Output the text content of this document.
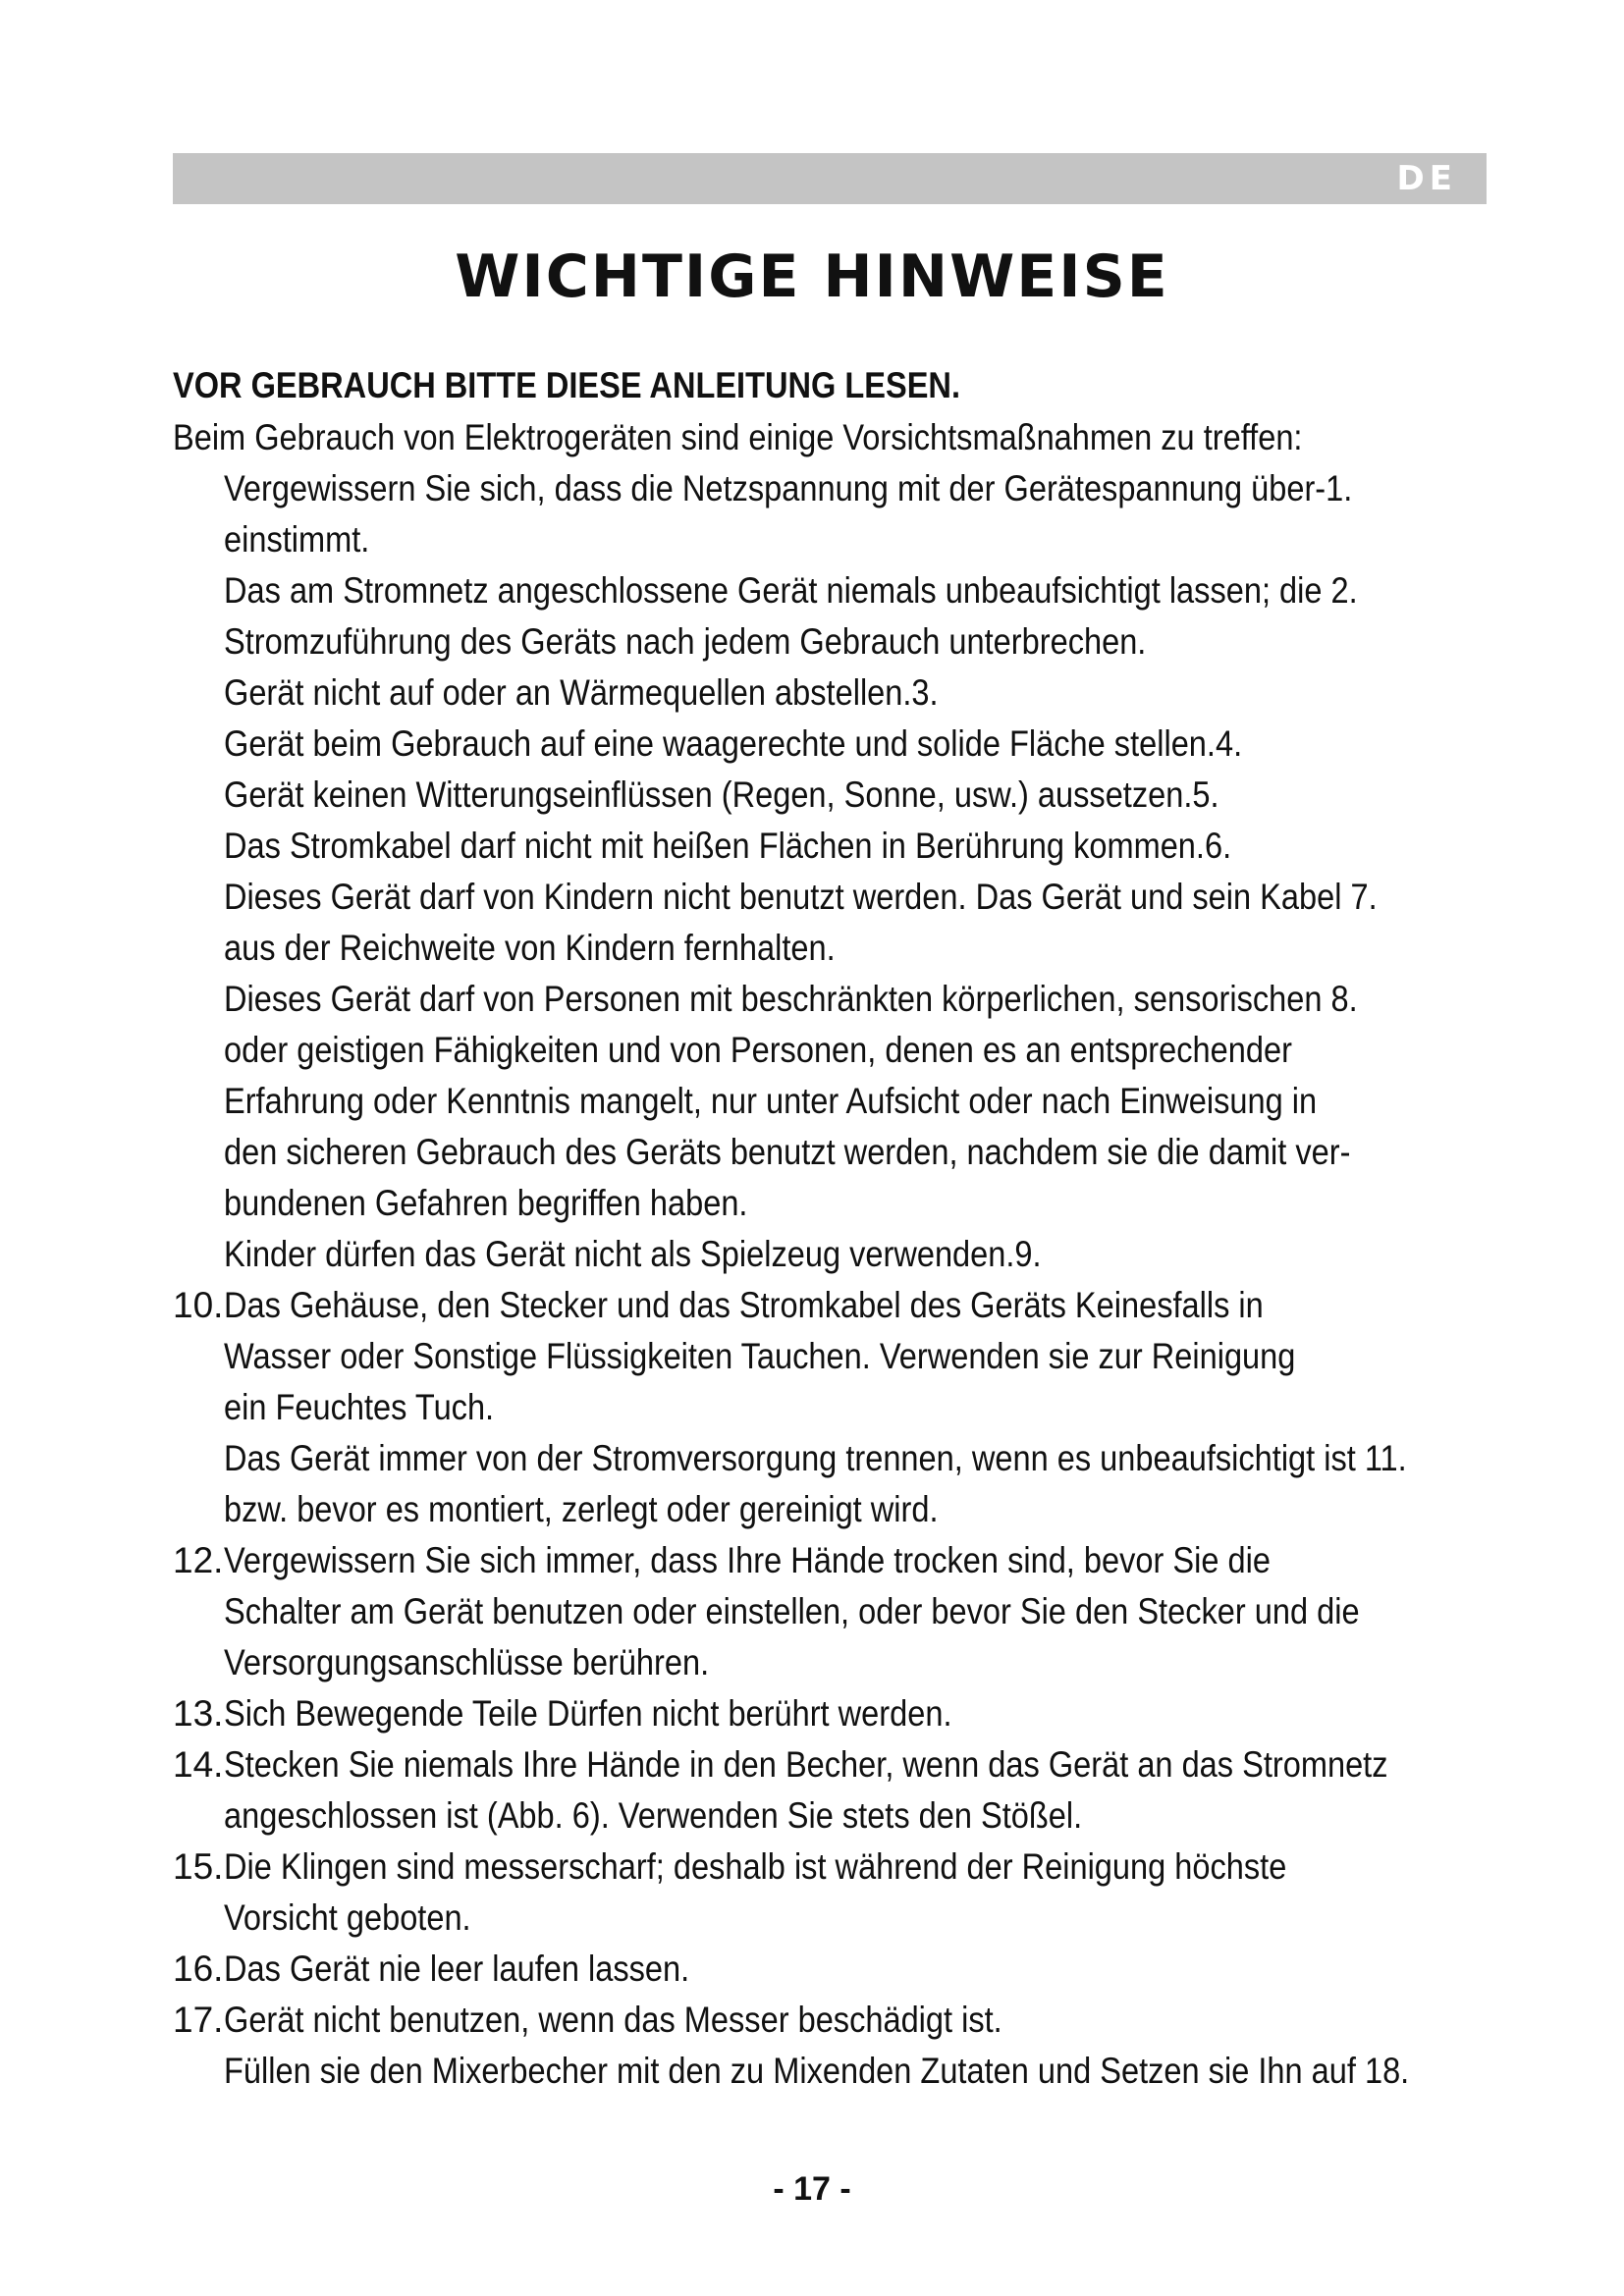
DE
WICHTIGE HINWEISE

VOR GEBRAUCH BITTE DIESE ANLEITUNG LESEN.

Beim Gebrauch von Elektrogeräten sind einige Vorsichtsmaßnahmen zu treffen:

Vergewissern Sie sich, dass die Netzspannung mit der Gerätespannung über-1.
einstimmt.
Das am Stromnetz angeschlossene Gerät niemals unbeaufsichtigt lassen; die 2.
Stromzuführung des Geräts nach jedem Gebrauch unterbrechen.
Gerät nicht auf oder an Wärmequellen abstellen.3.
Gerät beim Gebrauch auf eine waagerechte und solide Fläche stellen.4.
Gerät keinen Witterungseinflüssen (Regen, Sonne, usw.) aussetzen.5.
Das Stromkabel darf nicht mit heißen Flächen in Berührung kommen.6.
Dieses Gerät darf von Kindern nicht benutzt werden. Das Gerät und sein Kabel 7.
aus der Reichweite von Kindern fernhalten.
Dieses Gerät darf von Personen mit beschränkten körperlichen, sensorischen 8.
oder geistigen Fähigkeiten und von Personen, denen es an entsprechender
Erfahrung oder Kenntnis mangelt, nur unter Aufsicht oder nach Einweisung in
den sicheren Gebrauch des Geräts benutzt werden, nachdem sie die damit ver-
bundenen Gefahren begriffen haben.
Kinder dürfen das Gerät nicht als Spielzeug verwenden.9.
10. Das Gehäuse, den Stecker und das Stromkabel des Geräts Keinesfalls in
Wasser oder Sonstige Flüssigkeiten Tauchen. Verwenden sie zur Reinigung
ein Feuchtes Tuch.
Das Gerät immer von der Stromversorgung trennen, wenn es unbeaufsichtigt ist 11.
bzw. bevor es montiert, zerlegt oder gereinigt wird.
12. Vergewissern Sie sich immer, dass Ihre Hände trocken sind, bevor Sie die
Schalter am Gerät benutzen oder einstellen, oder bevor Sie den Stecker und die
Versorgungsanschlüsse berühren.
13. Sich Bewegende Teile Dürfen nicht berührt werden.
14. Stecken Sie niemals Ihre Hände in den Becher, wenn das Gerät an das Stromnetz
angeschlossen ist (Abb. 6). Verwenden Sie stets den Stößel.
15. Die Klingen sind messerscharf; deshalb ist während der Reinigung höchste
Vorsicht geboten.
16. Das Gerät nie leer laufen lassen.
17. Gerät nicht benutzen, wenn das Messer beschädigt ist.
Füllen sie den Mixerbecher mit den zu Mixenden Zutaten und Setzen sie Ihn auf 18.
- 17 -
